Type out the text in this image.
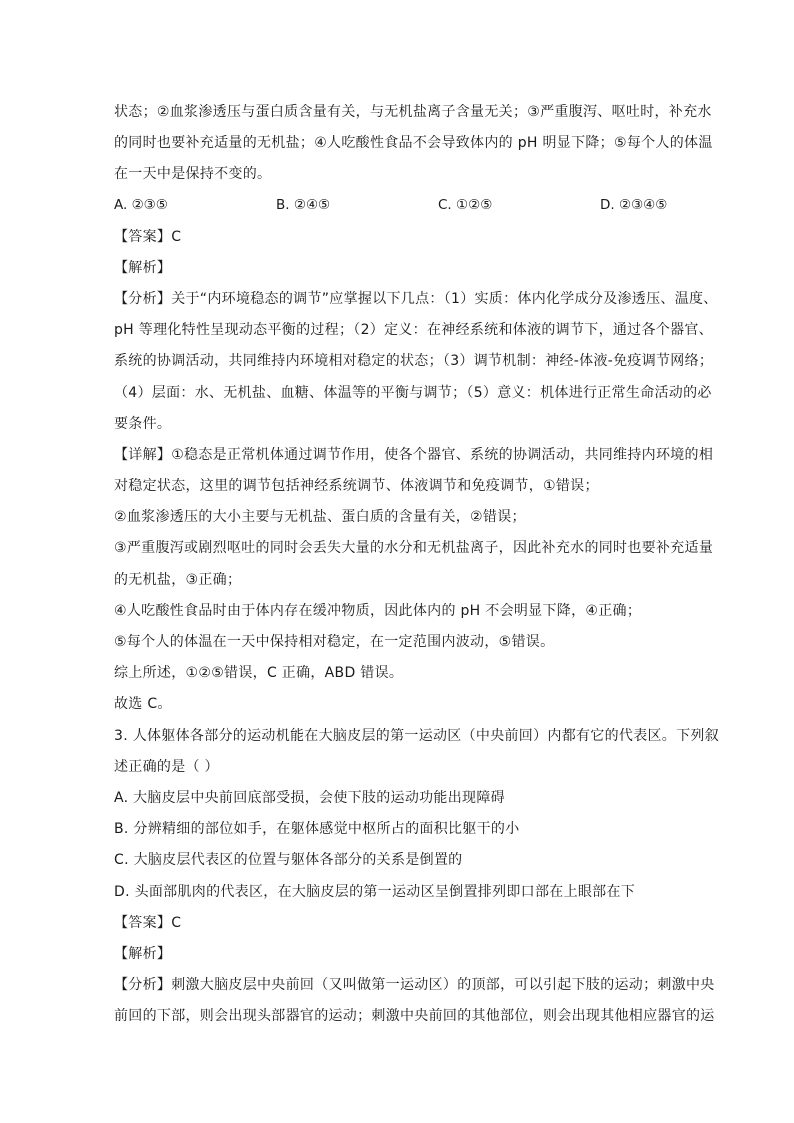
状态；②血浆渗透压与蛋白质含量有关，与无机盐离子含量无关；③严重腹泻、呕吐时，补充水
的同时也要补充适量的无机盐；④人吃酸性食品不会导致体内的 pH 明显下降；⑤每个人的体温
在一天中是保持不变的。
A. ②③⑤	B. ②④⑤	C. ①②⑤	D. ②③④⑤
【答案】C
【解析】
【分析】关于“内环境稳态的调节”应掌握以下几点：（1）实质：体内化学成分及渗透压、温度、
pH 等理化特性呈现动态平衡的过程；（2）定义：在神经系统和体液的调节下，通过各个器官、
系统的协调活动，共同维持内环境相对稳定的状态；（3）调节机制：神经-体液-免疫调节网络；
（4）层面：水、无机盐、血糖、体温等的平衡与调节；（5）意义：机体进行正常生命活动的必
要条件。
【详解】①稳态是正常机体通过调节作用，使各个器官、系统的协调活动，共同维持内环境的相
对稳定状态，这里的调节包括神经系统调节、体液调节和免疫调节，①错误；
②血浆渗透压的大小主要与无机盐、蛋白质的含量有关，②错误；
③严重腹泻或剧烈呕吐的同时会丢失大量的水分和无机盐离子，因此补充水的同时也要补充适量
的无机盐，③正确；
④人吃酸性食品时由于体内存在缓冲物质，因此体内的 pH 不会明显下降，④正确；
⑤每个人的体温在一天中保持相对稳定，在一定范围内波动，⑤错误。
综上所述，①②⑤错误，C 正确，ABD 错误。
故选 C。
3. 人体躯体各部分的运动机能在大脑皮层的第一运动区（中央前回）内都有它的代表区。下列叙
述正确的是（ ）
A. 大脑皮层中央前回底部受损，会使下肢的运动功能出现障碍
B. 分辨精细的部位如手，在躯体感觉中枢所占的面积比躯干的小
C. 大脑皮层代表区的位置与躯体各部分的关系是倒置的
D. 头面部肌肉的代表区，在大脑皮层的第一运动区呈倒置排列即口部在上眼部在下
【答案】C
【解析】
【分析】刺激大脑皮层中央前回（又叫做第一运动区）的顶部，可以引起下肢的运动；刺激中央
前回的下部，则会出现头部器官的运动；刺激中央前回的其他部位，则会出现其他相应器官的运
